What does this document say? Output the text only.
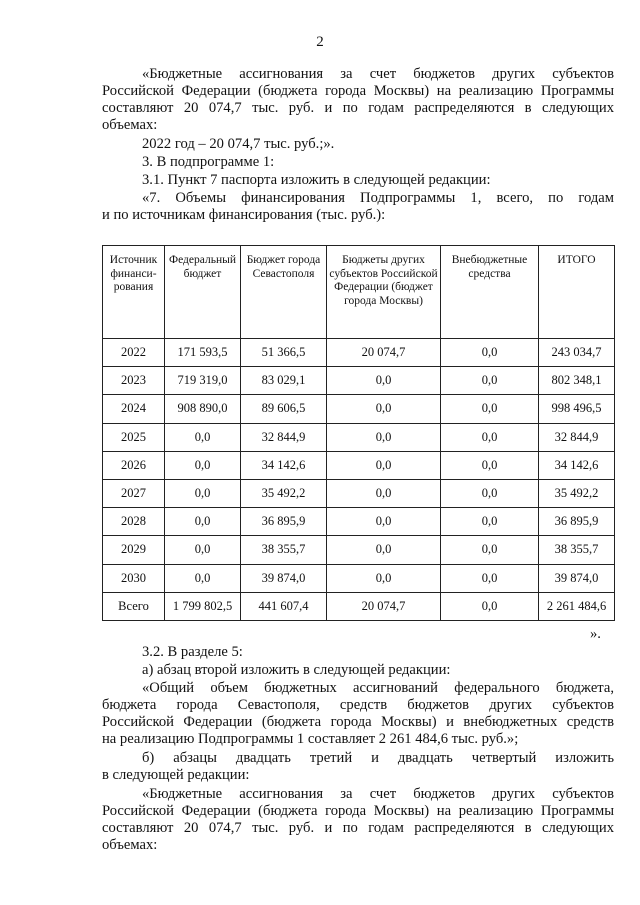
2

«Бюджетные ассигнования за счет бюджетов других субъектов

Российской Федерации (бюджета города Москвы) на реализацию Программы

составляют 20 074,7 тыс. руб. и по годам распределяются в следующих

объемах:

2022 год – 20 074,7 тыс. руб.;».

3. В подпрограмме 1:

3.1. Пункт 7 паспорта изложить в следующей редакции:

«7. Объемы финансирования Подпрограммы 1, всего, по годам

и по источникам финансирования (тыс. руб.):

Источник финанси-рования	Федеральный бюджет	Бюджет города Севастополя	Бюджеты других субъектов Российской Федерации (бюджет города Москвы)	Внебюджетные средства	ИТОГО
2022	171 593,5	51 366,5	20 074,7	0,0	243 034,7
2023	719 319,0	83 029,1	0,0	0,0	802 348,1
2024	908 890,0	89 606,5	0,0	0,0	998 496,5
2025	0,0	32 844,9	0,0	0,0	32 844,9
2026	0,0	34 142,6	0,0	0,0	34 142,6
2027	0,0	35 492,2	0,0	0,0	35 492,2
2028	0,0	36 895,9	0,0	0,0	36 895,9
2029	0,0	38 355,7	0,0	0,0	38 355,7
2030	0,0	39 874,0	0,0	0,0	39 874,0
Всего	1 799 802,5	441 607,4	20 074,7	0,0	2 261 484,6
».

3.2. В разделе 5:

а) абзац второй изложить в следующей редакции:

«Общий объем бюджетных ассигнований федерального бюджета,

бюджета города Севастополя, средств бюджетов других субъектов

Российской Федерации (бюджета города Москвы) и внебюджетных средств

на реализацию Подпрограммы 1 составляет 2 261 484,6 тыс. руб.»;

б) абзацы двадцать третий и двадцать четвертый изложить

в следующей редакции:

«Бюджетные ассигнования за счет бюджетов других субъектов

Российской Федерации (бюджета города Москвы) на реализацию Программы

составляют 20 074,7 тыс. руб. и по годам распределяются в следующих

объемах:
